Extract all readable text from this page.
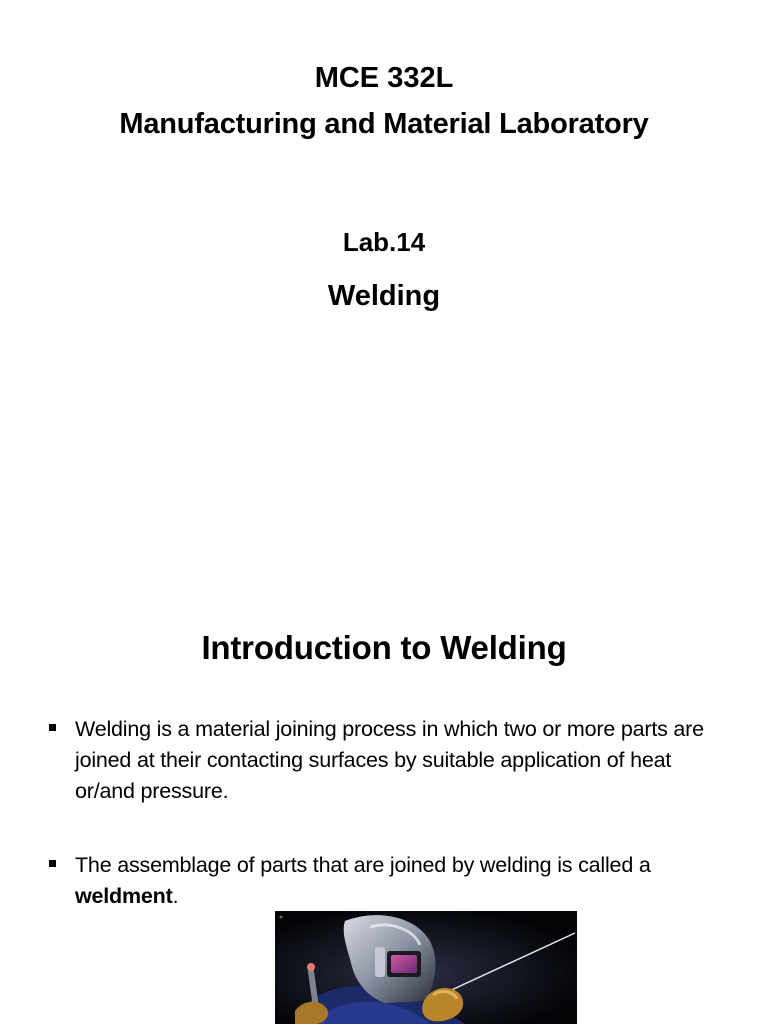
MCE 332L
Manufacturing and Material Laboratory
Lab.14
Welding
Introduction to Welding
Welding is a material joining process in which two or more parts are joined at their contacting surfaces by suitable application of heat or/and pressure.
The assemblage of parts that are joined by welding is called a weldment.
